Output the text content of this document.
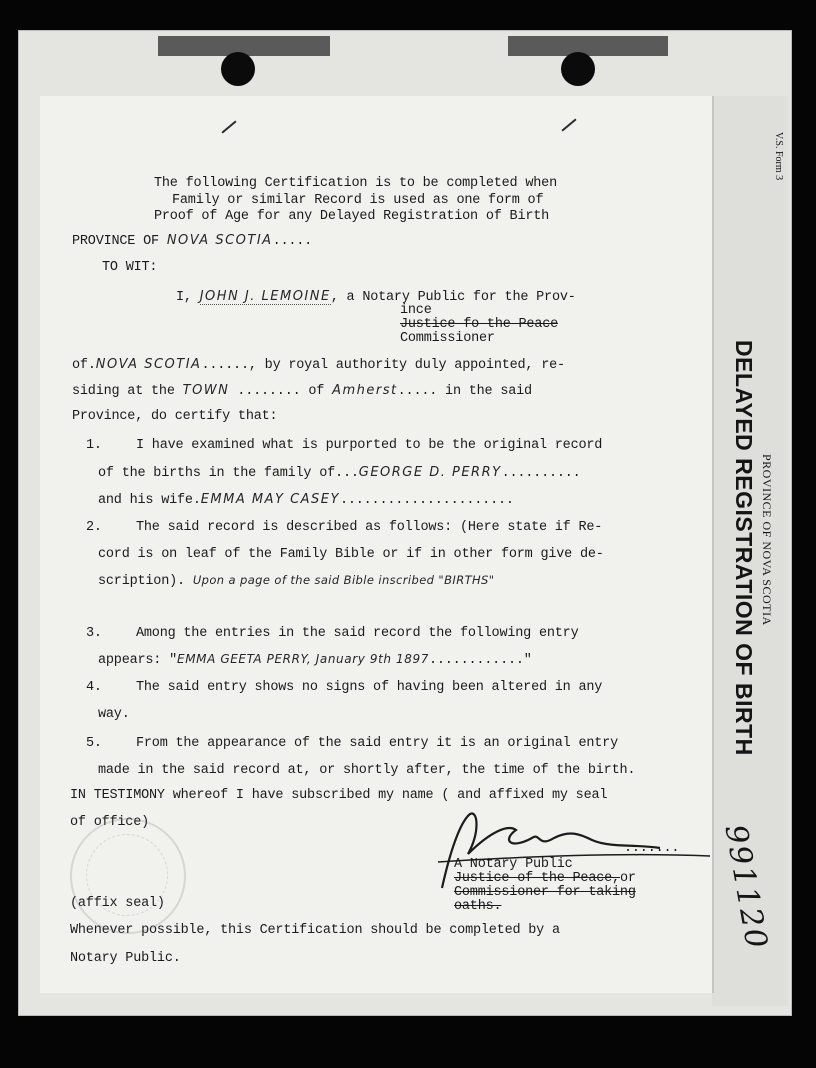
V.S. Form 3
PROVINCE OF NOVA SCOTIA
DELAYED REGISTRATION OF BIRTH
991120
The following Certification is to be completed when
Family or similar Record is used as one form of
Proof of Age for any Delayed Registration of Birth
PROVINCE OF NOVA SCOTIA.....
TO WIT:
I, JOHN J. LEMOINE, a Notary Public for the Prov-
ince
Justice fo the Peace
Commissioner
of.NOVA SCOTIA......, by royal authority duly appointed, re-
siding at the TOWN ........ of Amherst..... in the said
Province, do certify that:
1.	I have examined what is purported to be the original record
of the births in the family of...GEORGE D. PERRY..........
and his wife.EMMA MAY CASEY......................
2.	The said record is described as follows: (Here state if Re-
cord is on leaf of the Family Bible or if in other form give de-
scription). Upon a page of the said Bible inscribed "BIRTHS"
3.	Among the entries in the said record the following entry
appears: "EMMA GEETA PERRY, January 9th 1897............"
4.	The said entry shows no signs of having been altered in any
way.
5.	From the appearance of the said entry it is an original entry
made in the said record at, or shortly after, the time of the birth.
IN TESTIMONY whereof I have subscribed my name ( and affixed my seal
of office)
.......
A Notary Public
Justice of the Peace,or
Commissioner for taking
oaths.
(affix seal)
Whenever possible, this Certification should be completed by a
Notary Public.
